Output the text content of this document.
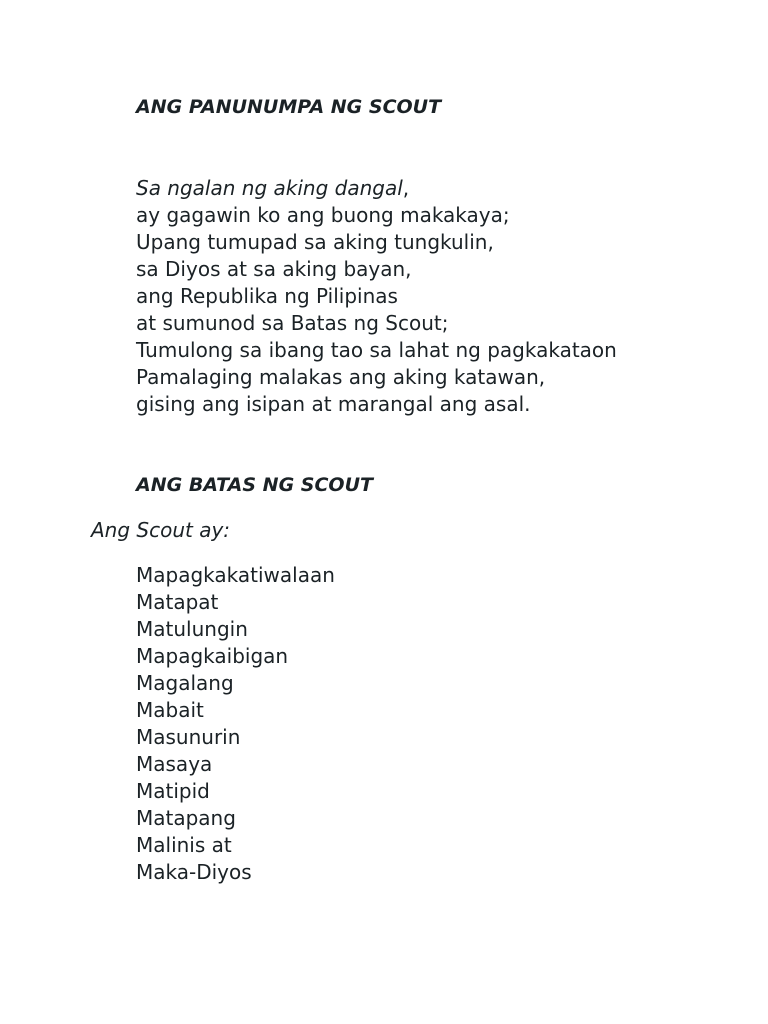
ANG PANUNUMPA NG SCOUT
Sa ngalan ng aking dangal,
ay gagawin ko ang buong makakaya;
Upang tumupad sa aking tungkulin,
sa Diyos at sa aking bayan,
ang Republika ng Pilipinas
at sumunod sa Batas ng Scout;
Tumulong sa ibang tao sa lahat ng pagkakataon
Pamalaging malakas ang aking katawan,
gising ang isipan at marangal ang asal.
ANG BATAS NG SCOUT

Ang Scout ay:

Mapagkakatiwalaan
Matapat
Matulungin
Mapagkaibigan
Magalang
Mabait
Masunurin
Masaya
Matipid
Matapang
Malinis at
Maka-Diyos
